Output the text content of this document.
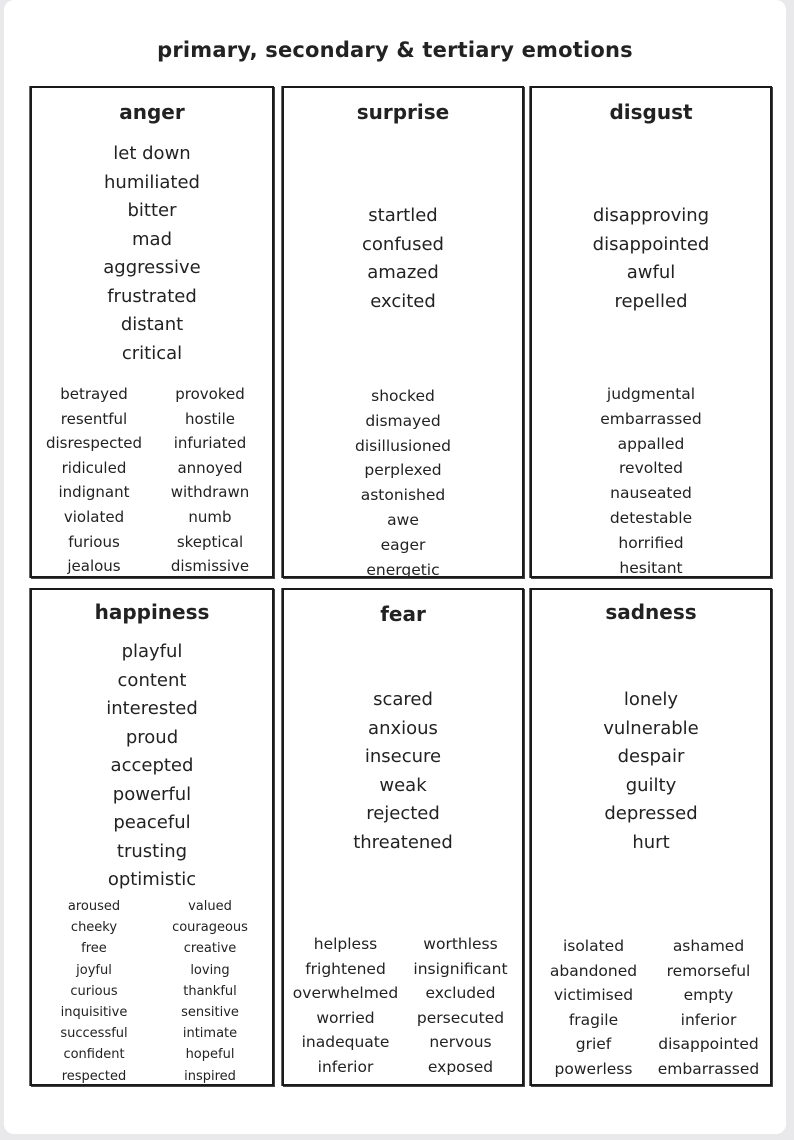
primary, secondary & tertiary emotions
anger
let down
humiliated
bitter
mad
aggressive
frustrated
distant
critical
betrayed	provoked
resentful	hostile
disrespected	infuriated
ridiculed	annoyed
indignant	withdrawn
violated	numb
furious	skeptical
jealous	dismissive
surprise
startled
confused
amazed
excited
shocked
dismayed
disillusioned
perplexed
astonished
awe
eager
energetic
disgust
disapproving
disappointed
awful
repelled
judgmental
embarrassed
appalled
revolted
nauseated
detestable
horrified
hesitant
happiness
playful
content
interested
proud
accepted
powerful
peaceful
trusting
optimistic
aroused	valued
cheeky	courageous
free	creative
joyful	loving
curious	thankful
inquisitive	sensitive
successful	intimate
confident	hopeful
respected	inspired
fear
scared
anxious
insecure
weak
rejected
threatened
helpless	worthless
frightened	insignificant
overwhelmed	excluded
worried	persecuted
inadequate	nervous
inferior	exposed
sadness
lonely
vulnerable
despair
guilty
depressed
hurt
isolated	ashamed
abandoned	remorseful
victimised	empty
fragile	inferior
grief	disappointed
powerless	embarrassed
